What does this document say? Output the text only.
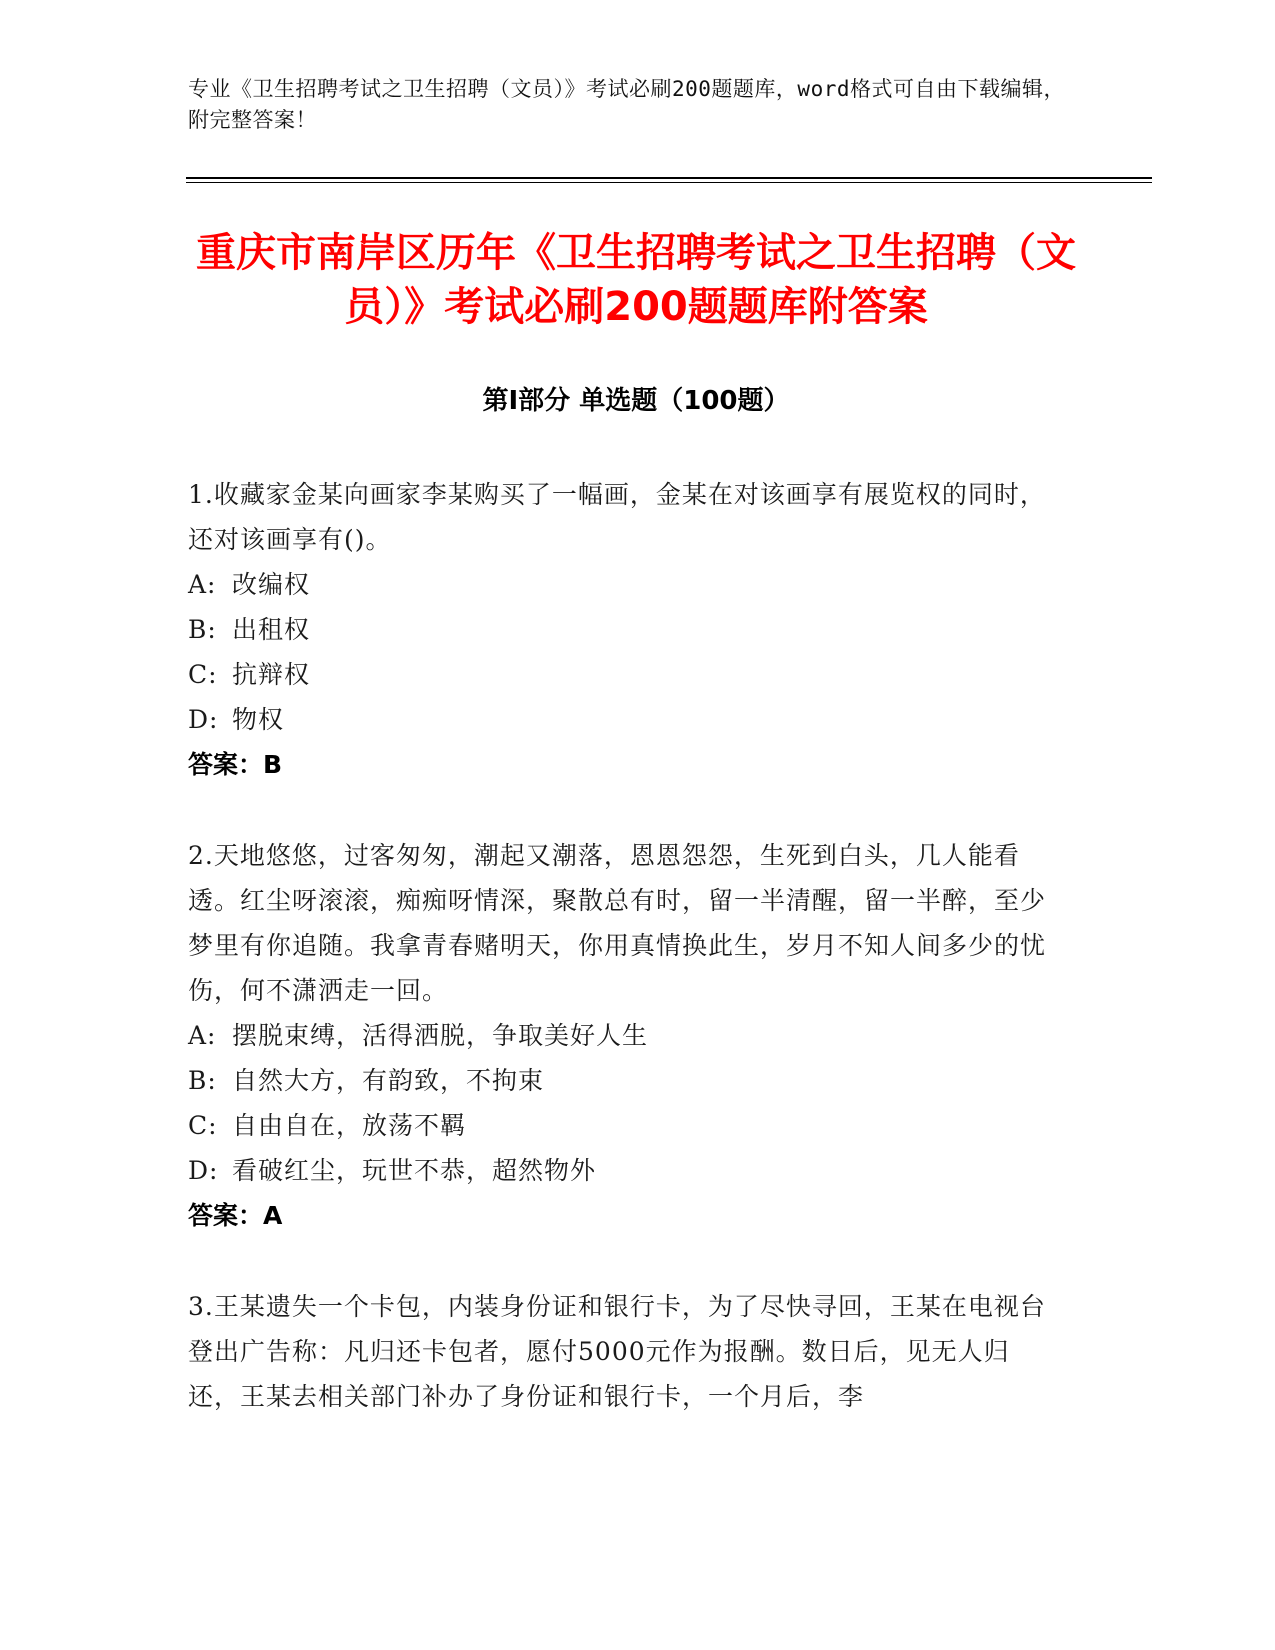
专业《卫生招聘考试之卫生招聘（文员）》考试必刷200题题库，word格式可自由下载编辑，附完整答案！
重庆市南岸区历年《卫生招聘考试之卫生招聘（文员）》考试必刷200题题库附答案
第Ⅰ部分 单选题（100题）

1.收藏家金某向画家李某购买了一幅画，金某在对该画享有展览权的同时，还对该画享有()。

A: 改编权

B: 出租权

C: 抗辩权

D: 物权

答案：B

2.天地悠悠，过客匆匆，潮起又潮落，恩恩怨怨，生死到白头，几人能看透。红尘呀滚滚，痴痴呀情深，聚散总有时，留一半清醒，留一半醉，至少梦里有你追随。我拿青春赌明天，你用真情换此生，岁月不知人间多少的忧伤，何不潇洒走一回。

A: 摆脱束缚，活得洒脱，争取美好人生

B: 自然大方，有韵致，不拘束

C: 自由自在，放荡不羁

D: 看破红尘，玩世不恭，超然物外

答案：A

3.王某遗失一个卡包，内装身份证和银行卡，为了尽快寻回，王某在电视台登出广告称：凡归还卡包者，愿付5000元作为报酬。数日后，见无人归还，王某去相关部门补办了身份证和银行卡，一个月后，李
